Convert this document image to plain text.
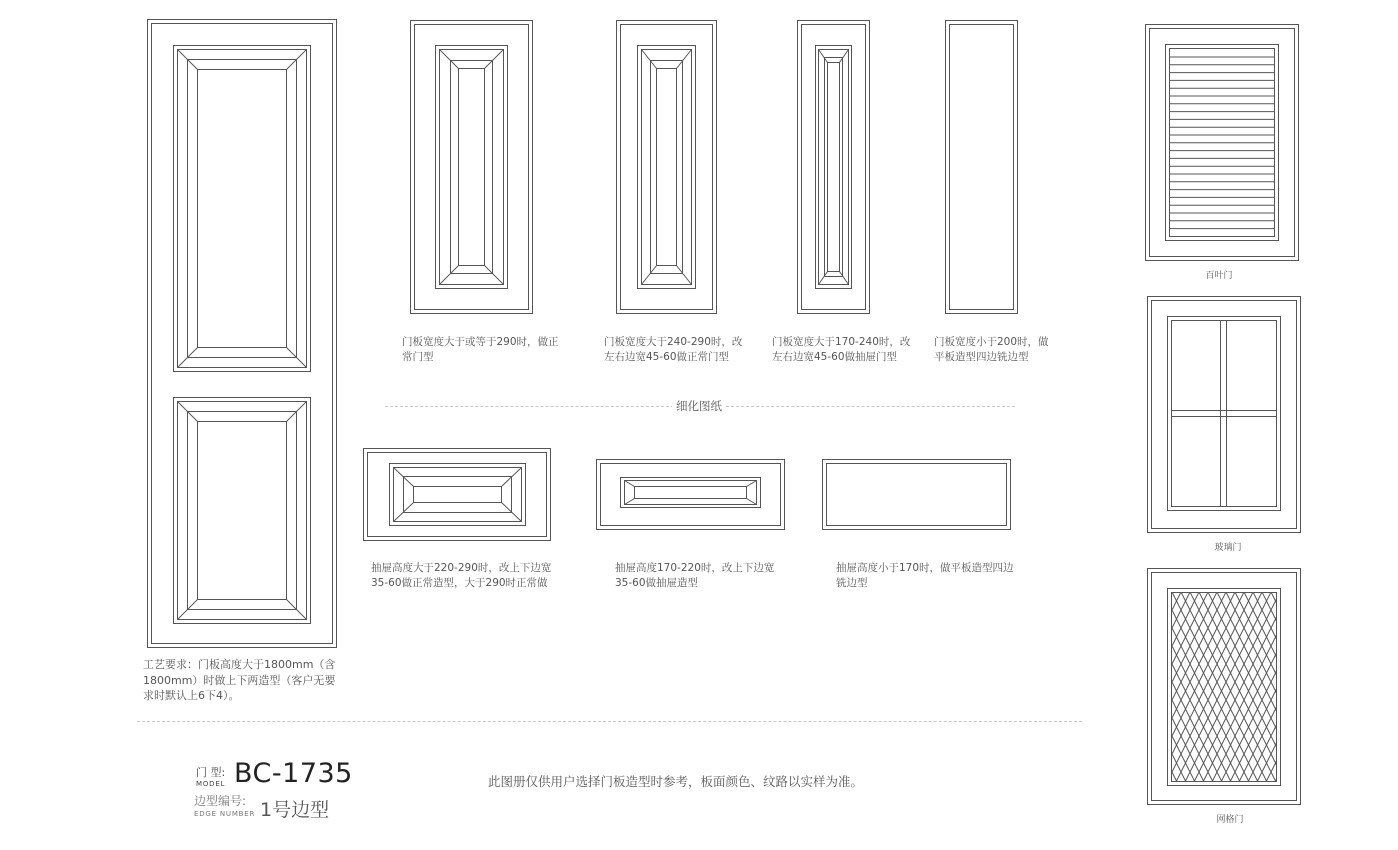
工艺要求：门板高度大于1800mm（含
1800mm）时做上下两造型（客户无要
求时默认上6下4）。
门板宽度大于或等于290时，做正
常门型
门板宽度大于240-290时，改
左右边宽45-60做正常门型
门板宽度大于170-240时，改
左右边宽45-60做抽屉门型
门板宽度小于200时，做
平板造型四边铣边型
细化图纸
抽屉高度大于220-290时，改上下边宽
35-60做正常造型，大于290时正常做
抽屉高度170-220时，改上下边宽
35-60做抽屉造型
抽屉高度小于170时，做平板造型四边
铣边型
百叶门
玻璃门
网格门
门 型:
MODEL BC-1735
边型编号:
EDGE NUMBER 1号边型
此图册仅供用户选择门板造型时参考，板面颜色、纹路以实样为准。
